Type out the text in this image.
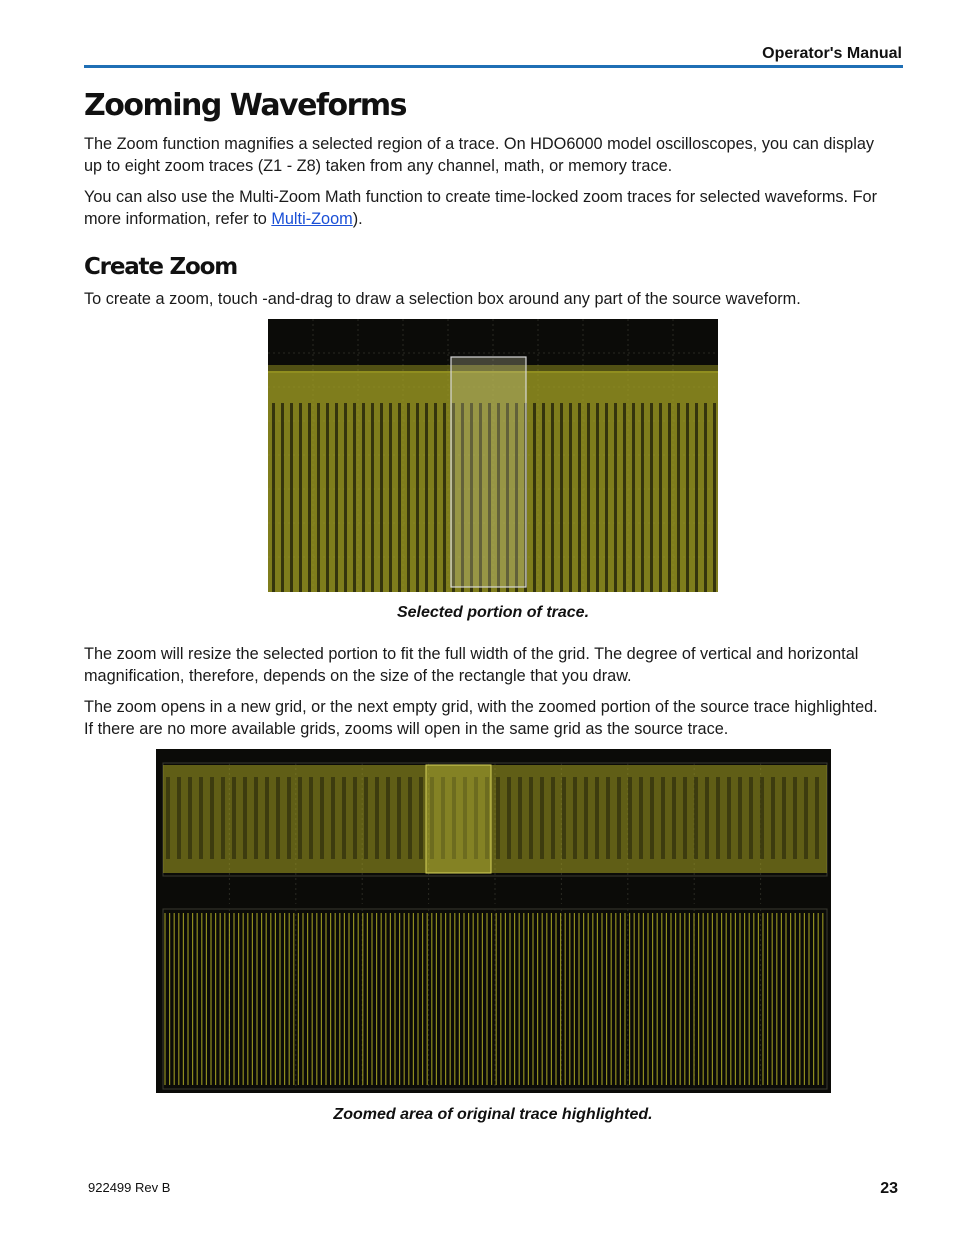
Operator's Manual
Zooming Waveforms

The Zoom function magnifies a selected region of a trace. On HDO6000 model oscilloscopes, you can display up to eight zoom traces (Z1 - Z8) taken from any channel, math, or memory trace.

You can also use the Multi-Zoom Math function to create time-locked zoom traces for selected waveforms. For more information, refer to Multi-Zoom).

Create Zoom

To create a zoom, touch -and-drag to draw a selection box around any part of the source waveform.

Selected portion of trace.

The zoom will resize the selected portion to fit the full width of the grid. The degree of vertical and horizontal magnification, therefore, depends on the size of the rectangle that you draw.

The zoom opens in a new grid, or the next empty grid, with the zoomed portion of the source trace highlighted. If there are no more available grids, zooms will open in the same grid as the source trace.

Zoomed area of original trace highlighted.
922499 Rev B	23
